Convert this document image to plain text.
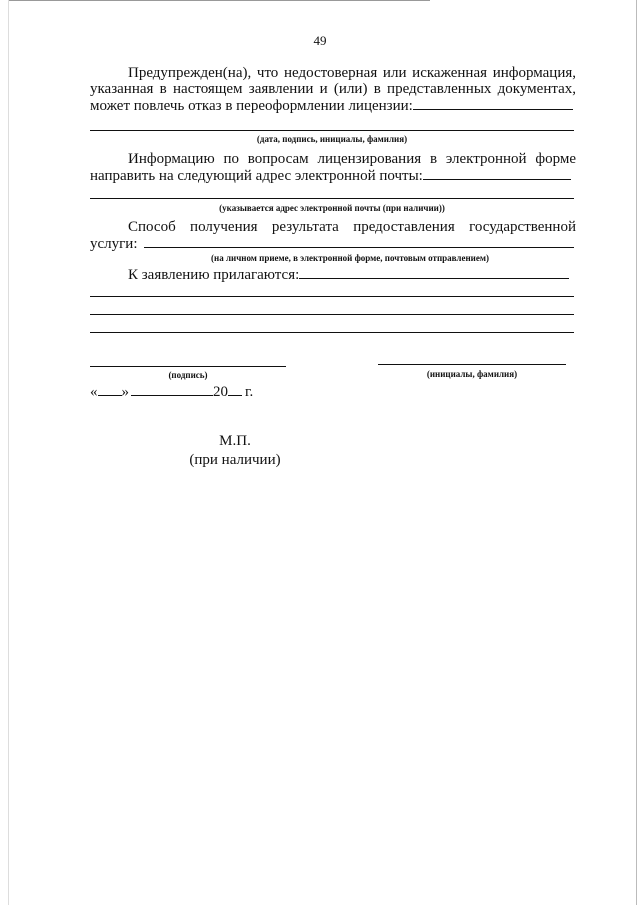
49
Предупрежден(на), что недостоверная или искаженная информация,
указанная в настоящем заявлении и (или) в представленных документах,
может повлечь отказ в переоформлении лицензии:
(дата, подпись, инициалы, фамилия)
Информацию по вопросам лицензирования в электронной форме
направить на следующий адрес электронной почты:
(указывается адрес электронной почты (при наличии))
Способ получения результата предоставления государственной
услуги:
(на личном приеме, в электронной форме, почтовым отправлением)
К заявлению прилагаются:
(подпись)	(инициалы, фамилия)
« »	20 г.
М.П.
(при наличии)
